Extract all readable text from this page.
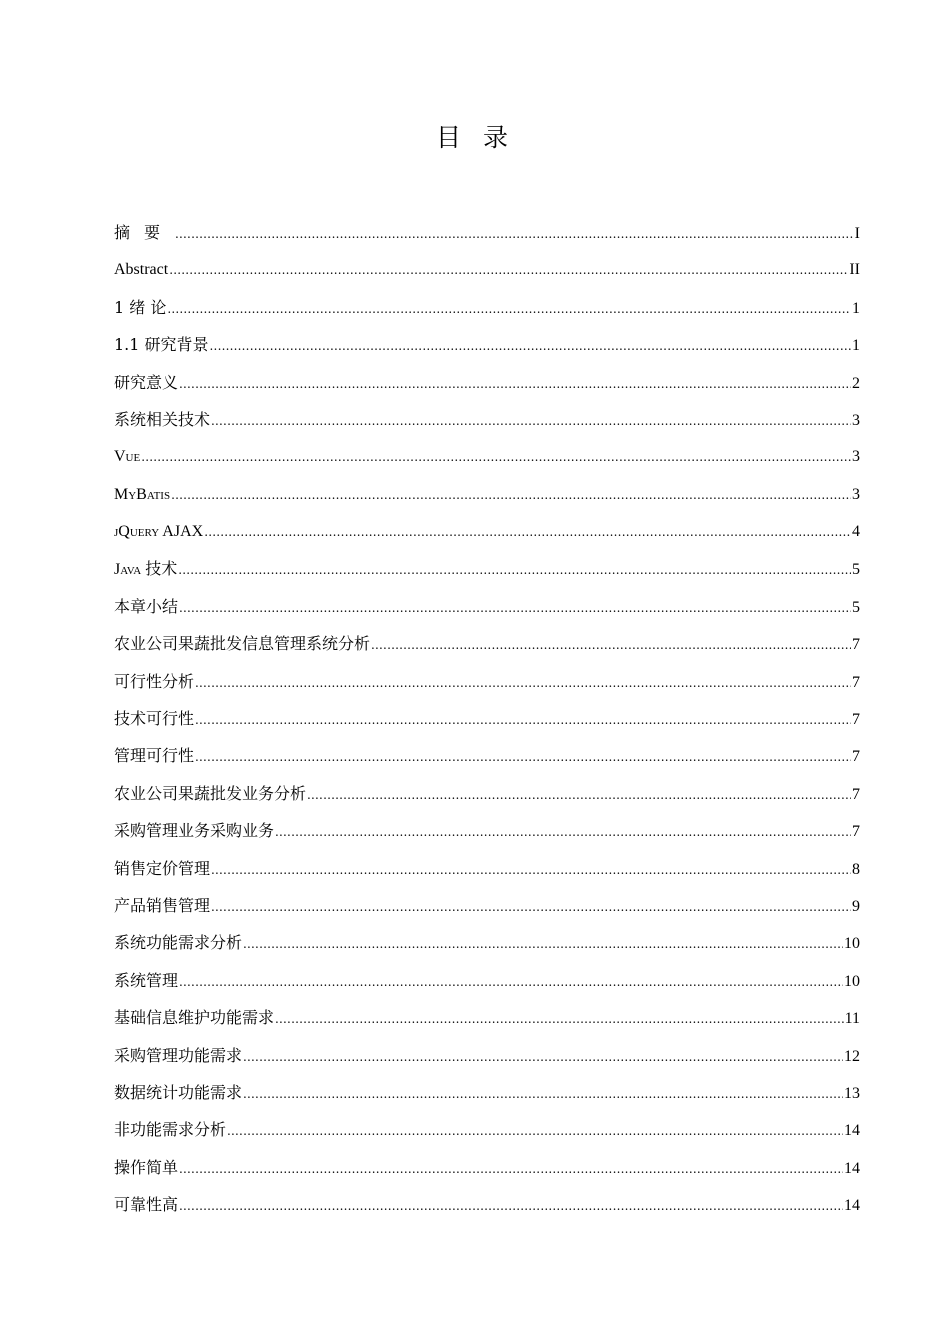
目录
摘要 .....	I
Abstract .....	II
1 绪 论 .....	1
1.1 研究背景 .....	1
研究意义 .....	2
系统相关技术 .....	3
Vue .....	3
MyBatis .....	3
jQuery AJAX .....	4
Java 技术 .....	5
本章小结 .....	5
农业公司果蔬批发信息管理系统分析 .....	7
可行性分析 .....	7
技术可行性 .....	7
管理可行性 .....	7
农业公司果蔬批发业务分析 .....	7
采购管理业务采购业务 .....	7
销售定价管理 .....	8
产品销售管理 .....	9
系统功能需求分析 .....	10
系统管理 .....	10
基础信息维护功能需求 .....	11
采购管理功能需求 .....	12
数据统计功能需求 .....	13
非功能需求分析 .....	14
操作简单 .....	14
可靠性高 .....	14
